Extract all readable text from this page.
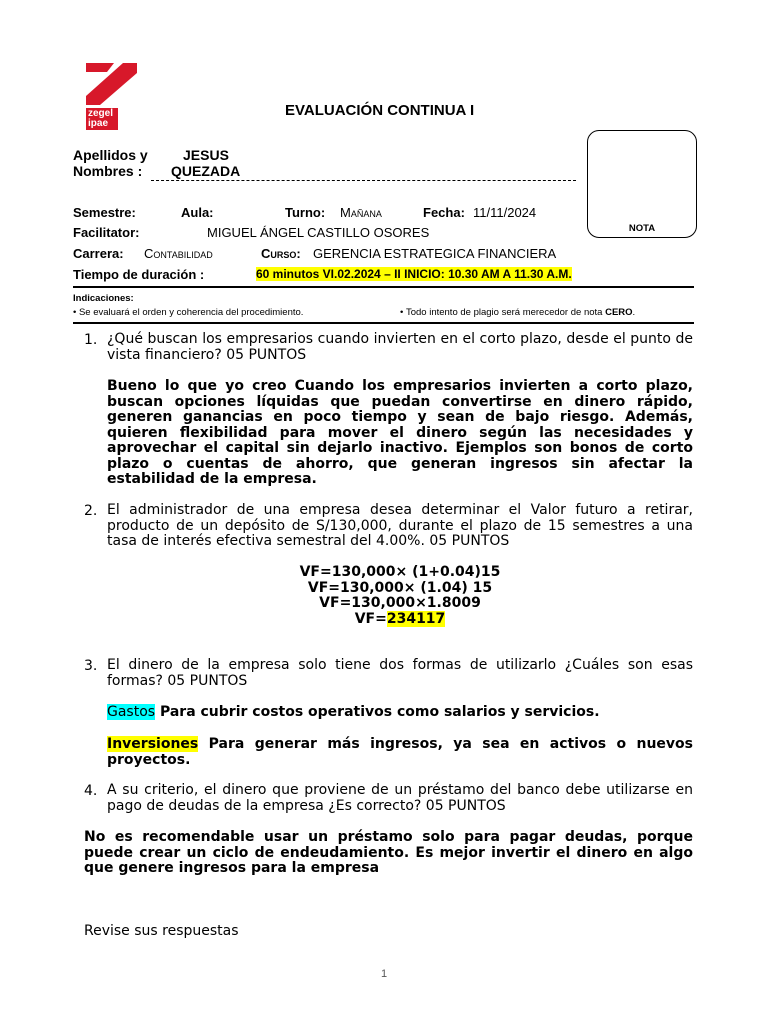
zegel
ipae
EVALUACIÓN CONTINUA I
NOTA
Apellidos y
Nombres :
JESUS
QUEZADA
Semestre:	Aula:	Turno: Mañana	Fecha: 11/11/2024
Facilitator:	MIGUEL ÁNGEL CASTILLO OSORES
Carrera: Contabilidad	Curso: GERENCIA ESTRATEGICA FINANCIERA
Tiempo de duración :	60 minutos VI.02.2024 – II INICIO: 10.30 AM A 11.30 A.M.
Indicaciones:
• Se evaluará el orden y coherencia del procedimiento.	• Todo intento de plagio será merecedor de nota CERO.
1. ¿Qué buscan los empresarios cuando invierten en el corto plazo, desde el punto de vista financiero? 05 PUNTOS
Bueno lo que yo creo Cuando los empresarios invierten a corto plazo, buscan opciones líquidas que puedan convertirse en dinero rápido, generen ganancias en poco tiempo y sean de bajo riesgo. Además, quieren flexibilidad para mover el dinero según las necesidades y aprovechar el capital sin dejarlo inactivo. Ejemplos son bonos de corto plazo o cuentas de ahorro, que generan ingresos sin afectar la estabilidad de la empresa.
2. El administrador de una empresa desea determinar el Valor futuro a retirar, producto de un depósito de S/130,000, durante el plazo de 15 semestres a una tasa de interés efectiva semestral del 4.00%. 05 PUNTOS
VF=130,000× (1+0.04)15
VF=130,000× (1.04) 15
VF=130,000×1.8009
VF=234117
3. El dinero de la empresa solo tiene dos formas de utilizarlo ¿Cuáles son esas formas? 05 PUNTOS
Gastos Para cubrir costos operativos como salarios y servicios.
Inversiones Para generar más ingresos, ya sea en activos o nuevos proyectos.
4. A su criterio, el dinero que proviene de un préstamo del banco debe utilizarse en pago de deudas de la empresa ¿Es correcto? 05 PUNTOS
No es recomendable usar un préstamo solo para pagar deudas, porque puede crear un ciclo de endeudamiento. Es mejor invertir el dinero en algo que genere ingresos para la empresa
Revise sus respuestas
1
